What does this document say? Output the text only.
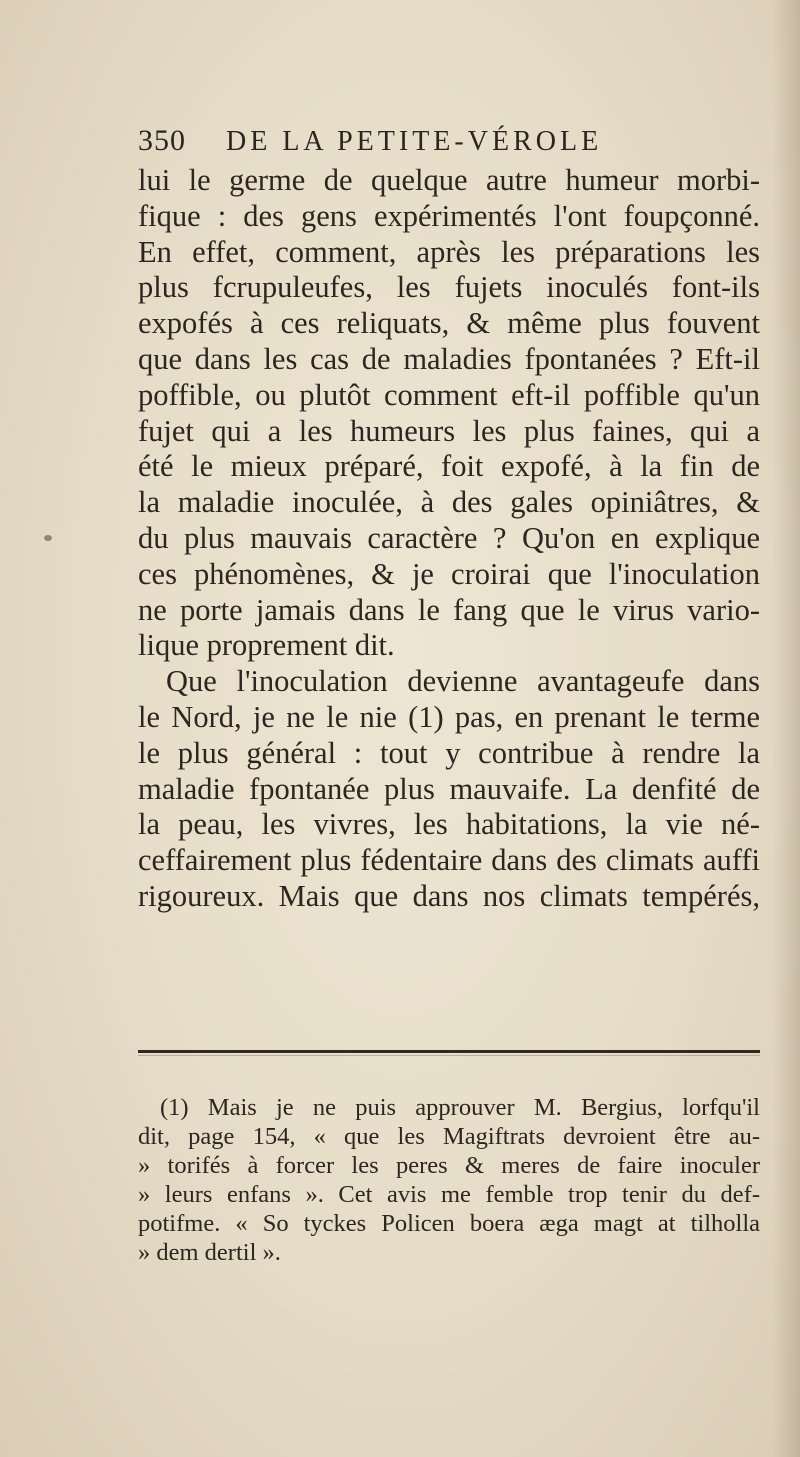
350 DE LA PETITE-VÉROLE
lui le germe de quelque autre humeur morbi-
fique : des gens expérimentés l'ont foupçonné.
En effet, comment, après les préparations les
plus fcrupuleufes, les fujets inoculés font-ils
expofés à ces reliquats, & même plus fouvent
que dans les cas de maladies fpontanées ? Eft-il
poffible, ou plutôt comment eft-il poffible qu'un
fujet qui a les humeurs les plus faines, qui a
été le mieux préparé, foit expofé, à la fin de
la maladie inoculée, à des gales opiniâtres, &
du plus mauvais caractère ? Qu'on en explique
ces phénomènes, & je croirai que l'inoculation
ne porte jamais dans le fang que le virus vario-
lique proprement dit.
Que l'inoculation devienne avantageufe dans
le Nord, je ne le nie (1) pas, en prenant le terme
le plus général : tout y contribue à rendre la
maladie fpontanée plus mauvaife. La denfité de
la peau, les vivres, les habitations, la vie né-
ceffairement plus fédentaire dans des climats auffi
rigoureux. Mais que dans nos climats tempérés,
(1) Mais je ne puis approuver M. Bergius, lorfqu'il
dit, page 154, « que les Magiftrats devroient être au-
» torifés à forcer les peres & meres de faire inoculer
» leurs enfans ». Cet avis me femble trop tenir du def-
potifme. « So tyckes Policen boera æga magt at tilholla
» dem dertil ».
